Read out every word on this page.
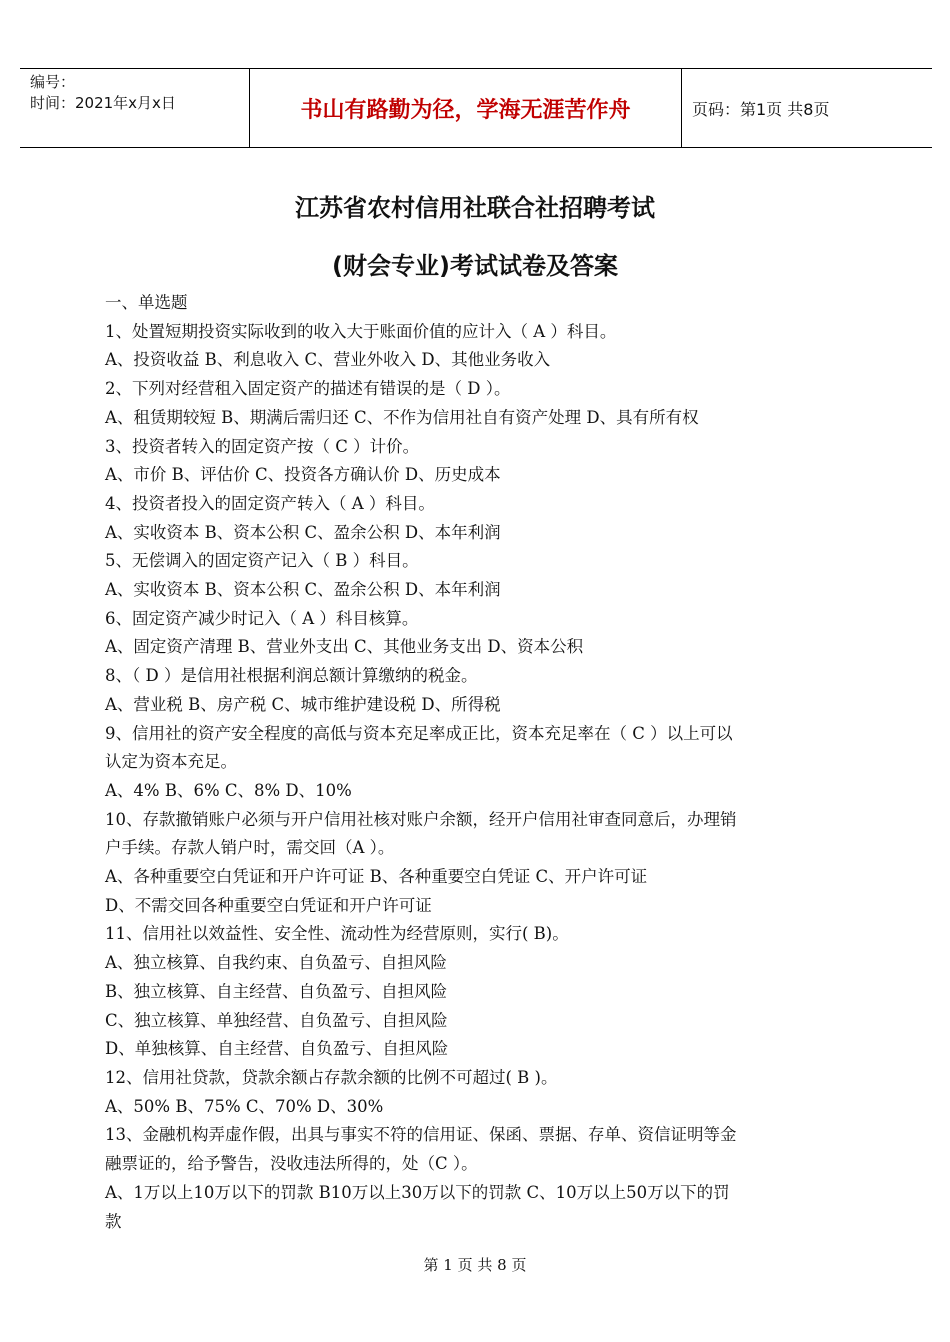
编号：
时间：2021年x月x日	书山有路勤为径，学海无涯苦作舟	页码：第1页 共8页
江苏省农村信用社联合社招聘考试
(财会专业)考试试卷及答案
一、单选题
1、处置短期投资实际收到的收入大于账面价值的应计入（ A ）科目。
A、投资收益 B、利息收入 C、营业外收入 D、其他业务收入
2、下列对经营租入固定资产的描述有错误的是（ D ）。
A、租赁期较短 B、期满后需归还 C、不作为信用社自有资产处理 D、具有所有权
3、投资者转入的固定资产按（ C ）计价。
A、市价 B、评估价 C、投资各方确认价 D、历史成本
4、投资者投入的固定资产转入（ A ）科目。
A、实收资本 B、资本公积 C、盈余公积 D、本年利润
5、无偿调入的固定资产记入（ B ）科目。
A、实收资本 B、资本公积 C、盈余公积 D、本年利润
6、固定资产减少时记入（ A ）科目核算。
A、固定资产清理 B、营业外支出 C、其他业务支出 D、资本公积
8、（ D ）是信用社根据利润总额计算缴纳的税金。
A、营业税 B、房产税 C、城市维护建设税 D、所得税
9、信用社的资产安全程度的高低与资本充足率成正比，资本充足率在（ C ）以上可以
认定为资本充足。
A、4% B、6% C、8% D、10%
10、存款撤销账户必须与开户信用社核对账户余额，经开户信用社审查同意后，办理销
户手续。存款人销户时，需交回（A ）。
A、各种重要空白凭证和开户许可证 B、各种重要空白凭证 C、开户许可证
D、不需交回各种重要空白凭证和开户许可证
11、信用社以效益性、安全性、流动性为经营原则，实行( B)。
A、独立核算、自我约束、自负盈亏、自担风险
B、独立核算、自主经营、自负盈亏、自担风险
C、独立核算、单独经营、自负盈亏、自担风险
D、单独核算、自主经营、自负盈亏、自担风险
12、信用社贷款，贷款余额占存款余额的比例不可超过( B )。
A、50% B、75% C、70% D、30%
13、金融机构弄虚作假，出具与事实不符的信用证、保函、票据、存单、资信证明等金
融票证的，给予警告，没收违法所得的，处（C ）。
A、1万以上10万以下的罚款 B10万以上30万以下的罚款 C、10万以上50万以下的罚
款
第 1 页 共 8 页
